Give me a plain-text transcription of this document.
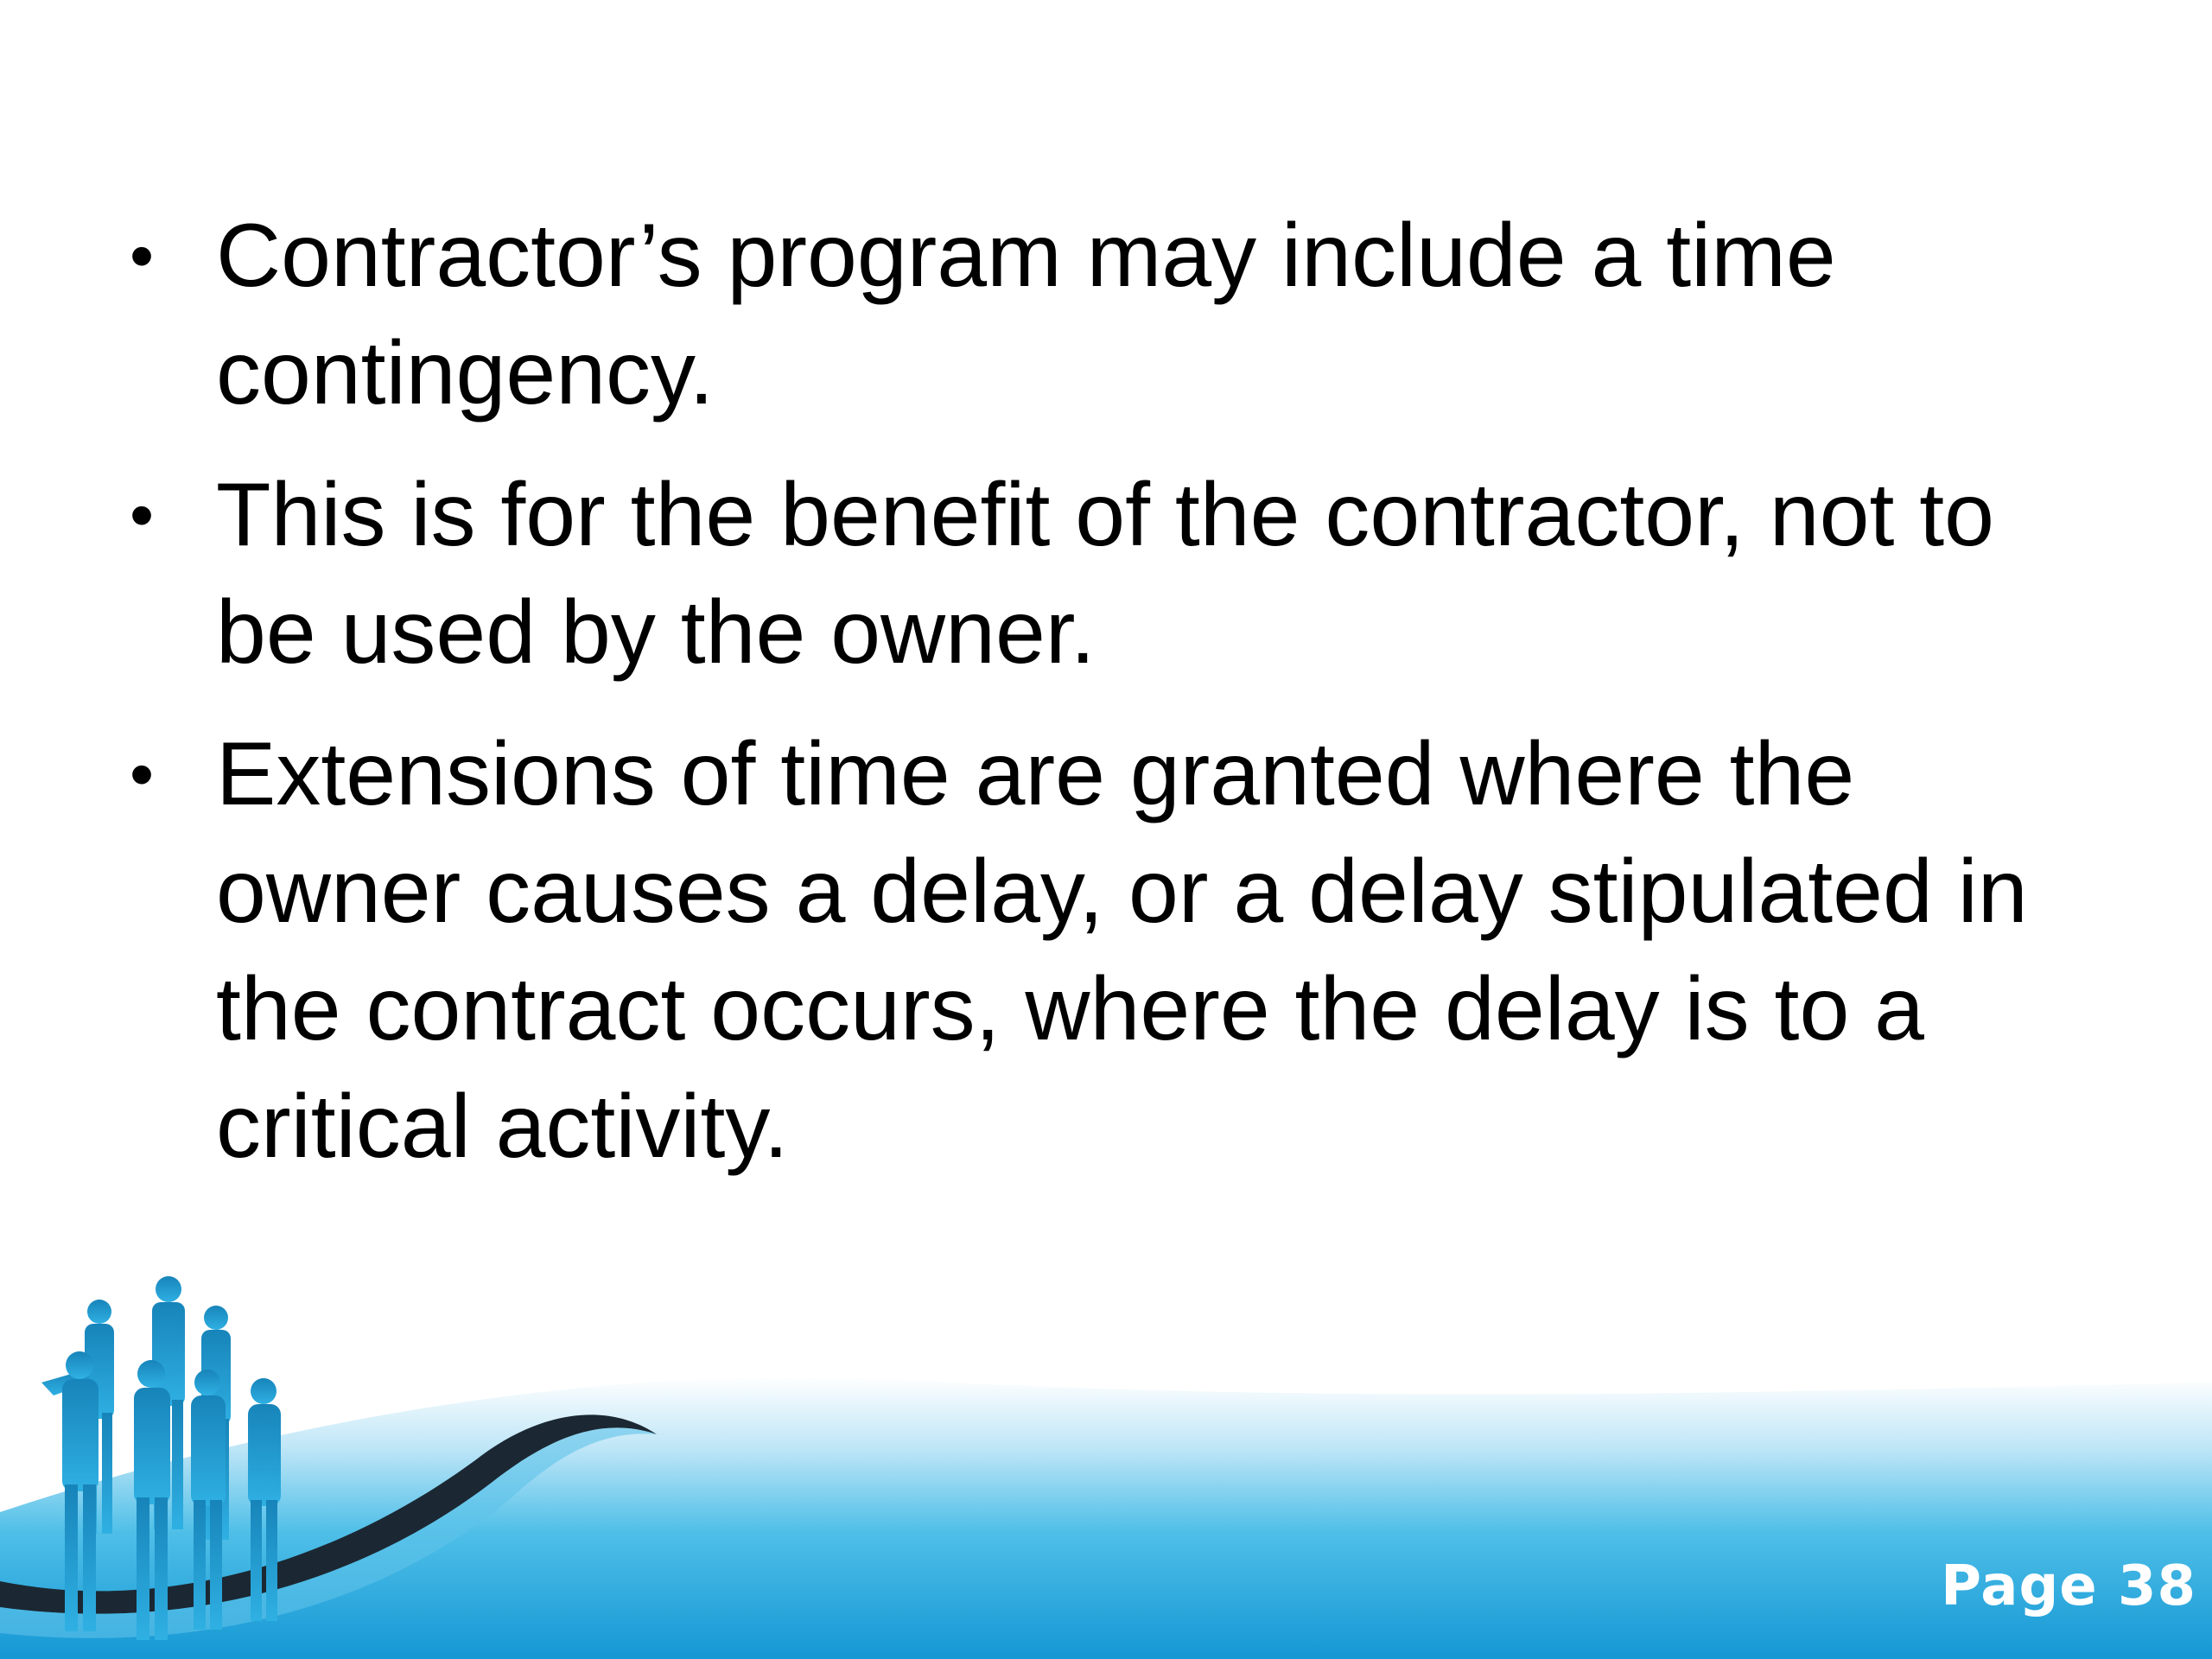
• Contractor’s program may include a time contingency.
• This is for the benefit of the contractor, not to be used by the owner.
• Extensions of time are granted where the owner causes a delay, or a delay stipulated in the contract occurs, where the delay is to a critical activity.
Page 38
